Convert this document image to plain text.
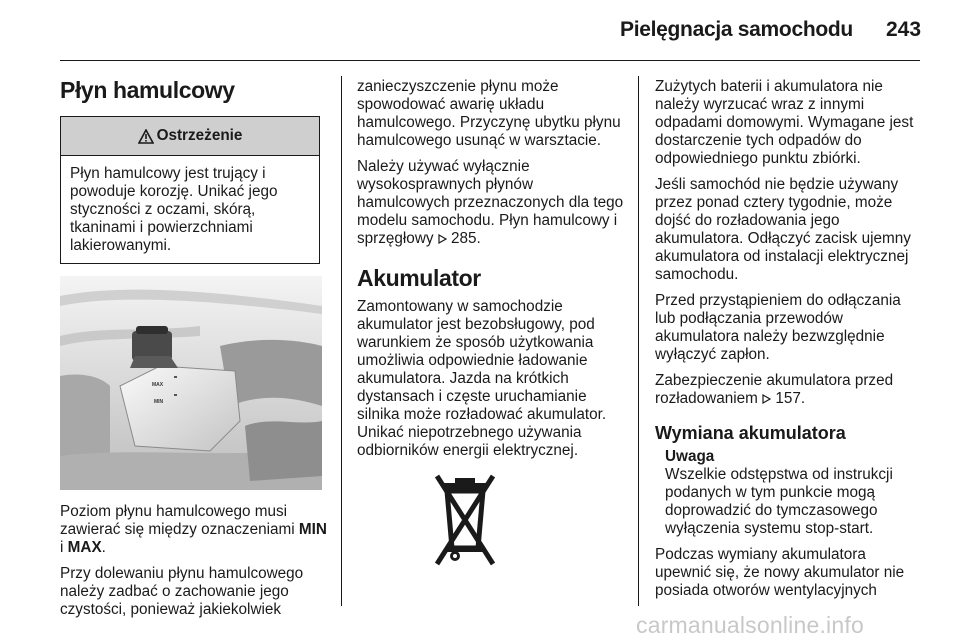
Pielęgnacja samochodu 243
Płyn hamulcowy
Ostrzeżenie
Płyn hamulcowy jest trujący i powoduje korozję. Unikać jego styczności z oczami, skórą, tkaninami i powierzchniami lakierowanymi.
MAX
MIN

Poziom płynu hamulcowego musi zawierać się między oznaczeniami MIN i MAX.

Przy dolewaniu płynu hamulcowego należy zadbać o zachowanie jego czystości, ponieważ jakiekolwiek

zanieczyszczenie płynu może spowodować awarię układu hamulcowego. Przyczynę ubytku płynu hamulcowego usunąć w warsztacie.

Należy używać wyłącznie wysokosprawnych płynów hamulcowych przeznaczonych dla tego modelu samochodu. Płyn hamulcowy i sprzęgłowy 285.

Akumulator

Zamontowany w samochodzie akumulator jest bezobsługowy, pod warunkiem że sposób użytkowania umożliwia odpowiednie ładowanie akumulatora. Jazda na krótkich dystansach i częste uruchamianie silnika może rozładować akumulator. Unikać niepotrzebnego używania odbiorników energii elektrycznej.

Zużytych baterii i akumulatora nie należy wyrzucać wraz z innymi odpadami domowymi. Wymagane jest dostarczenie tych odpadów do odpowiedniego punktu zbiórki.

Jeśli samochód nie będzie używany przez ponad cztery tygodnie, może dojść do rozładowania jego akumulatora. Odłączyć zacisk ujemny akumulatora od instalacji elektrycznej samochodu.

Przed przystąpieniem do odłączania lub podłączania przewodów akumulatora należy bezwzględnie wyłączyć zapłon.

Zabezpieczenie akumulatora przed rozładowaniem 157.

Wymiana akumulatora
Uwaga

Wszelkie odstępstwa od instrukcji podanych w tym punkcie mogą doprowadzić do tymczasowego wyłączenia systemu stop-start.

Podczas wymiany akumulatora upewnić się, że nowy akumulator nie posiada otworów wentylacyjnych

carmanualsonline.info
